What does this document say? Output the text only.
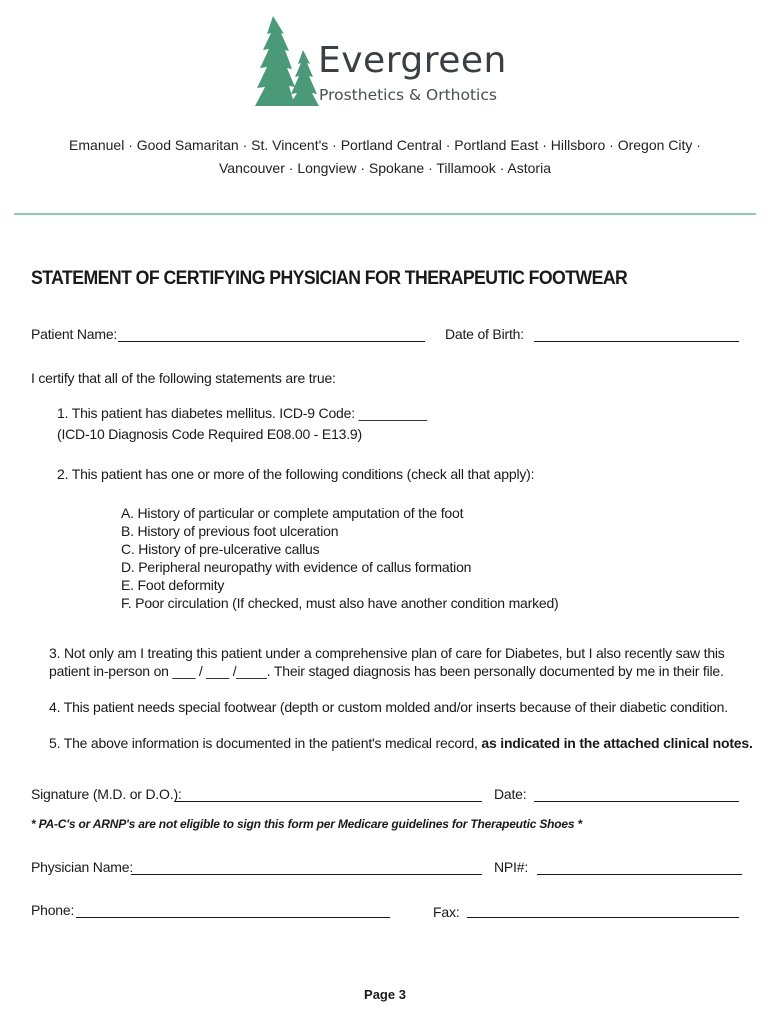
Evergreen
Prosthetics & Orthotics
Emanuel · Good Samaritan · St. Vincent's · Portland Central · Portland East · Hillsboro · Oregon City ·
Vancouver · Longview · Spokane · Tillamook · Astoria
STATEMENT OF CERTIFYING PHYSICIAN FOR THERAPEUTIC FOOTWEAR
Patient Name:	Date of Birth:
I certify that all of the following statements are true:
1. This patient has diabetes mellitus. ICD-9 Code: _________
(ICD-10 Diagnosis Code Required E08.00 - E13.9)
2. This patient has one or more of the following conditions (check all that apply):
A. History of particular or complete amputation of the foot
B. History of previous foot ulceration
C. History of pre-ulcerative callus
D. Peripheral neuropathy with evidence of callus formation
E. Foot deformity
F. Poor circulation (If checked, must also have another condition marked)
3. Not only am I treating this patient under a comprehensive plan of care for Diabetes, but I also recently saw this
patient in-person on ___ / ___ /____. Their staged diagnosis has been personally documented by me in their file.
4. This patient needs special footwear (depth or custom molded and/or inserts because of their diabetic condition.
5. The above information is documented in the patient's medical record, as indicated in the attached clinical notes.
Signature (M.D. or D.O.):	Date:
* PA-C's or ARNP's are not eligible to sign this form per Medicare guidelines for Therapeutic Shoes *
Physician Name:	NPI#:
Phone:	Fax:
Page 3
